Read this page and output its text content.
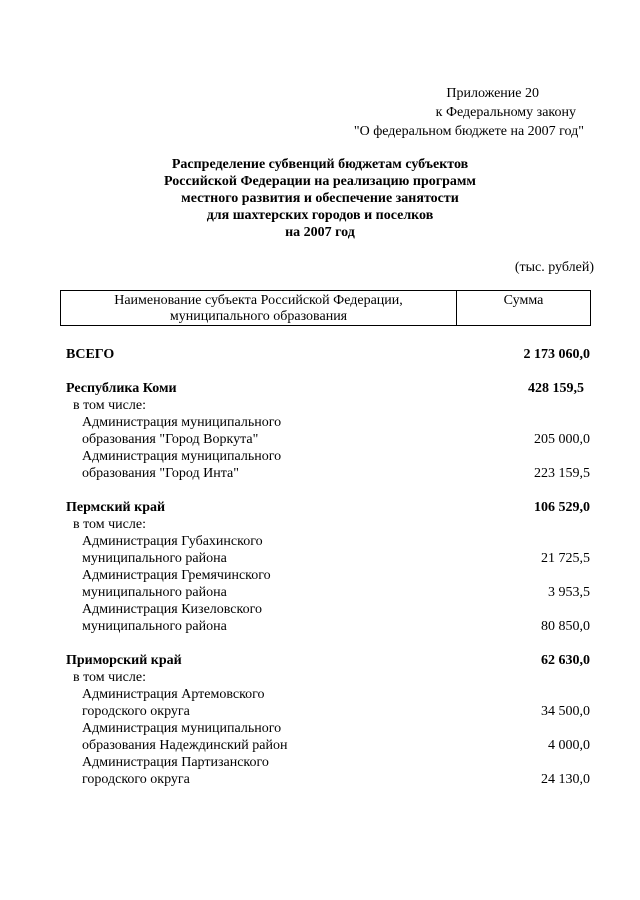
Приложение 20
к Федеральному закону
"О федеральном бюджете на 2007 год"
Распределение субвенций бюджетам субъектов
Российской Федерации на реализацию программ
местного развития и обеспечение занятости
для шахтерских городов и поселков
на 2007 год
(тыс. рублей)
Наименование субъекта Российской Федерации,
муниципального образования
Сумма
ВСЕГО	2 173 060,0
Республика Коми	428 159,5
в том числе:
Администрация муниципального
образования "Город Воркута"	205 000,0
Администрация муниципального
образования "Город Инта"	223 159,5
Пермский край	106 529,0
в том числе:
Администрация Губахинского
муниципального района	21 725,5
Администрация Гремячинского
муниципального района	3 953,5
Администрация Кизеловского
муниципального района	80 850,0
Приморский край	62 630,0
в том числе:
Администрация Артемовского
городского округа	34 500,0
Администрация муниципального
образования Надеждинский район	4 000,0
Администрация Партизанского
городского округа	24 130,0
